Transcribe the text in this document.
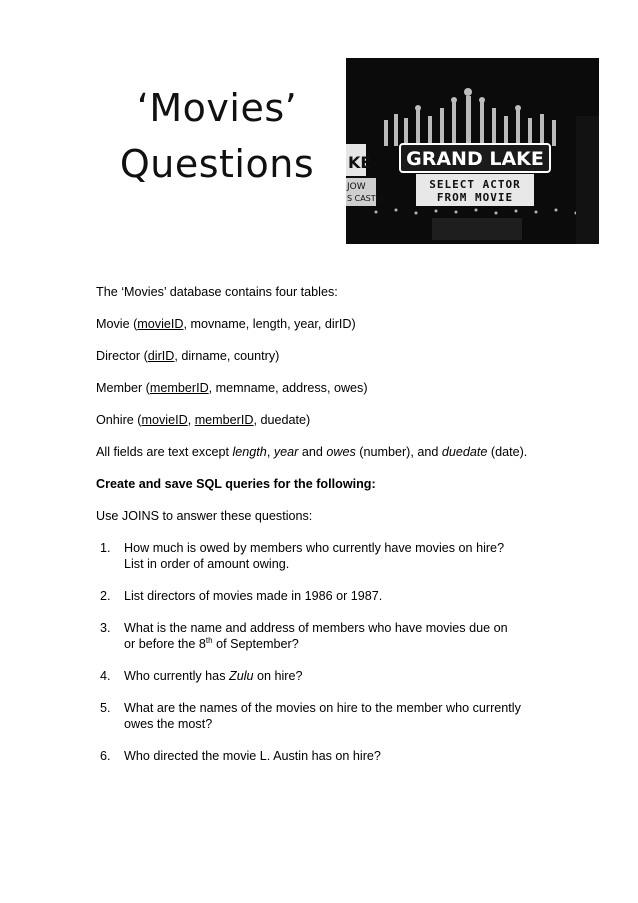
‘Movies’
Questions	GRAND LAKE
KE
JOW
S CASTLE
SELECT ACTOR
FROM MOVIE

The ‘Movies’ database contains four tables:

Movie (movieID, movname, length, year, dirID)

Director (dirID, dirname, country)

Member (memberID, memname, address, owes)

Onhire (movieID, memberID, duedate)

All fields are text except length, year and owes (number), and duedate (date).

Create and save SQL queries for the following:

Use JOINS to answer these questions:

1. How much is owed by members who currently have movies on hire?
List in order of amount owing.
2. List directors of movies made in 1986 or 1987.
3. What is the name and address of members who have movies due on
or before the 8th of September?
4. Who currently has Zulu on hire?
5. What are the names of the movies on hire to the member who currently
owes the most?
6. Who directed the movie L. Austin has on hire?
